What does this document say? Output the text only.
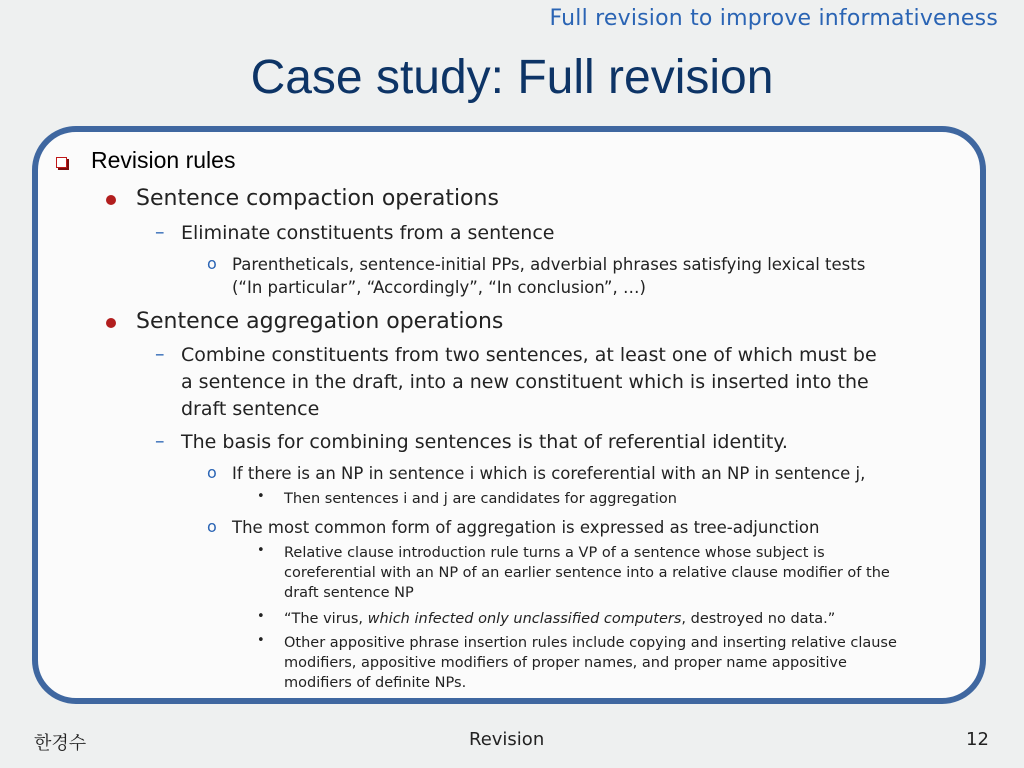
Full revision to improve informativeness
Case study: Full revision
Revision rules
Sentence compaction operations
– Eliminate constituents from a sentence
o Parentheticals, sentence-initial PPs, adverbial phrases satisfying lexical tests
(“In particular”, “Accordingly”, “In conclusion”, …)
Sentence aggregation operations
– Combine constituents from two sentences, at least one of which must be
a sentence in the draft, into a new constituent which is inserted into the
draft sentence
– The basis for combining sentences is that of referential identity.
o If there is an NP in sentence i which is coreferential with an NP in sentence j,
• Then sentences i and j are candidates for aggregation
o The most common form of aggregation is expressed as tree-adjunction
• Relative clause introduction rule turns a VP of a sentence whose subject is
coreferential with an NP of an earlier sentence into a relative clause modifier of the
draft sentence NP
• “The virus, which infected only unclassified computers, destroyed no data.”
• Other appositive phrase insertion rules include copying and inserting relative clause
modifiers, appositive modifiers of proper names, and proper name appositive
modifiers of definite NPs.
한경수	Revision	12
